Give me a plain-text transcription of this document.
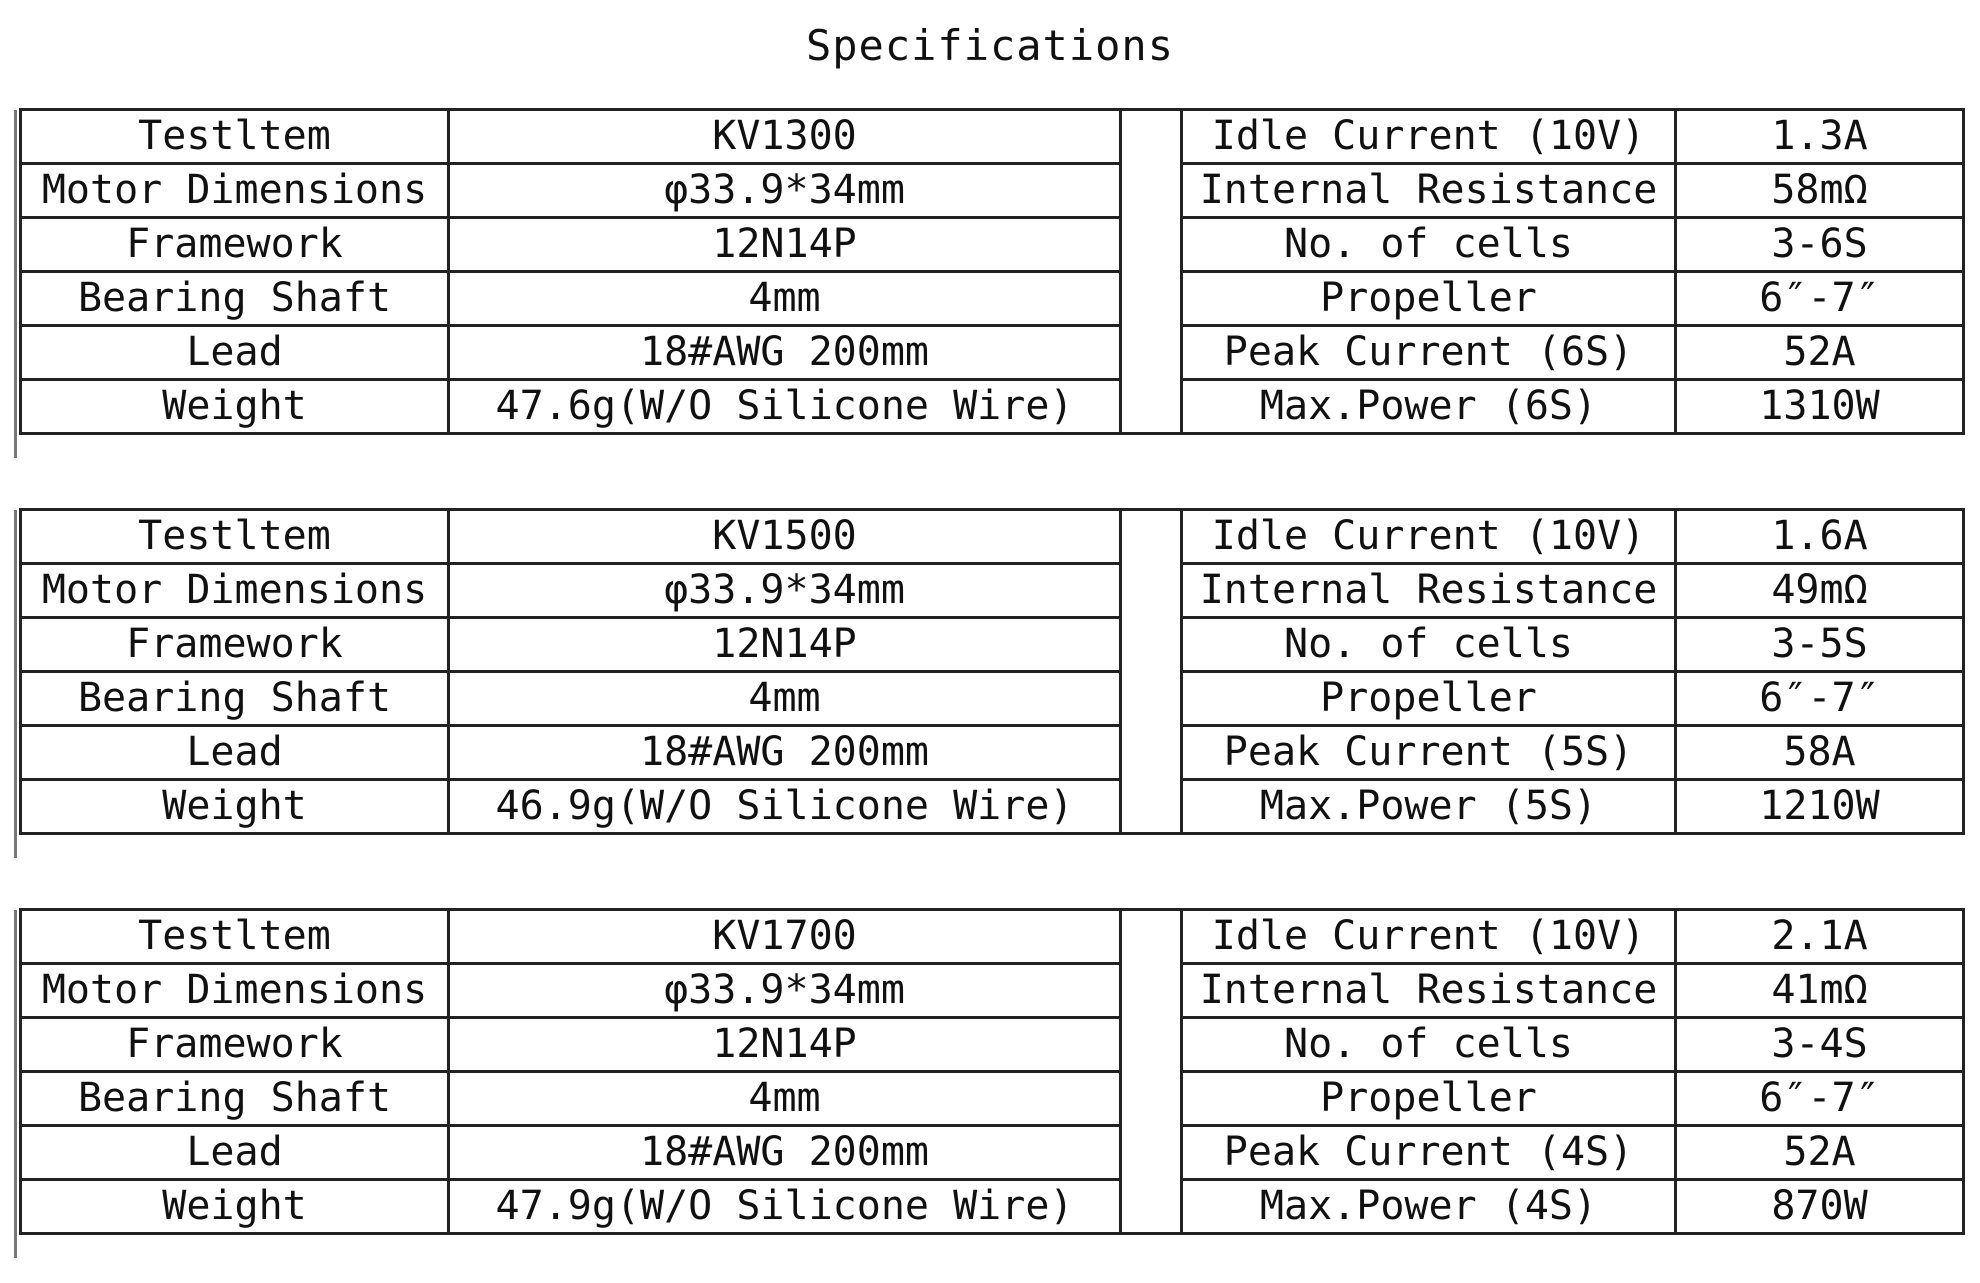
Specifications
Testltem	KV1300		Idle Current (10V)	1.3A
Motor Dimensions	φ33.9*34mm		Internal Resistance	58mΩ
Framework	12N14P		No. of cells	3-6S
Bearing Shaft	4mm		Propeller	6″-7″
Lead	18#AWG 200mm		Peak Current (6S)	52A
Weight	47.6g(W/O Silicone Wire)		Max.Power (6S)	1310W
Testltem	KV1500		Idle Current (10V)	1.6A
Motor Dimensions	φ33.9*34mm		Internal Resistance	49mΩ
Framework	12N14P		No. of cells	3-5S
Bearing Shaft	4mm		Propeller	6″-7″
Lead	18#AWG 200mm		Peak Current (5S)	58A
Weight	46.9g(W/O Silicone Wire)		Max.Power (5S)	1210W
Testltem	KV1700		Idle Current (10V)	2.1A
Motor Dimensions	φ33.9*34mm		Internal Resistance	41mΩ
Framework	12N14P		No. of cells	3-4S
Bearing Shaft	4mm		Propeller	6″-7″
Lead	18#AWG 200mm		Peak Current (4S)	52A
Weight	47.9g(W/O Silicone Wire)		Max.Power (4S)	870W
